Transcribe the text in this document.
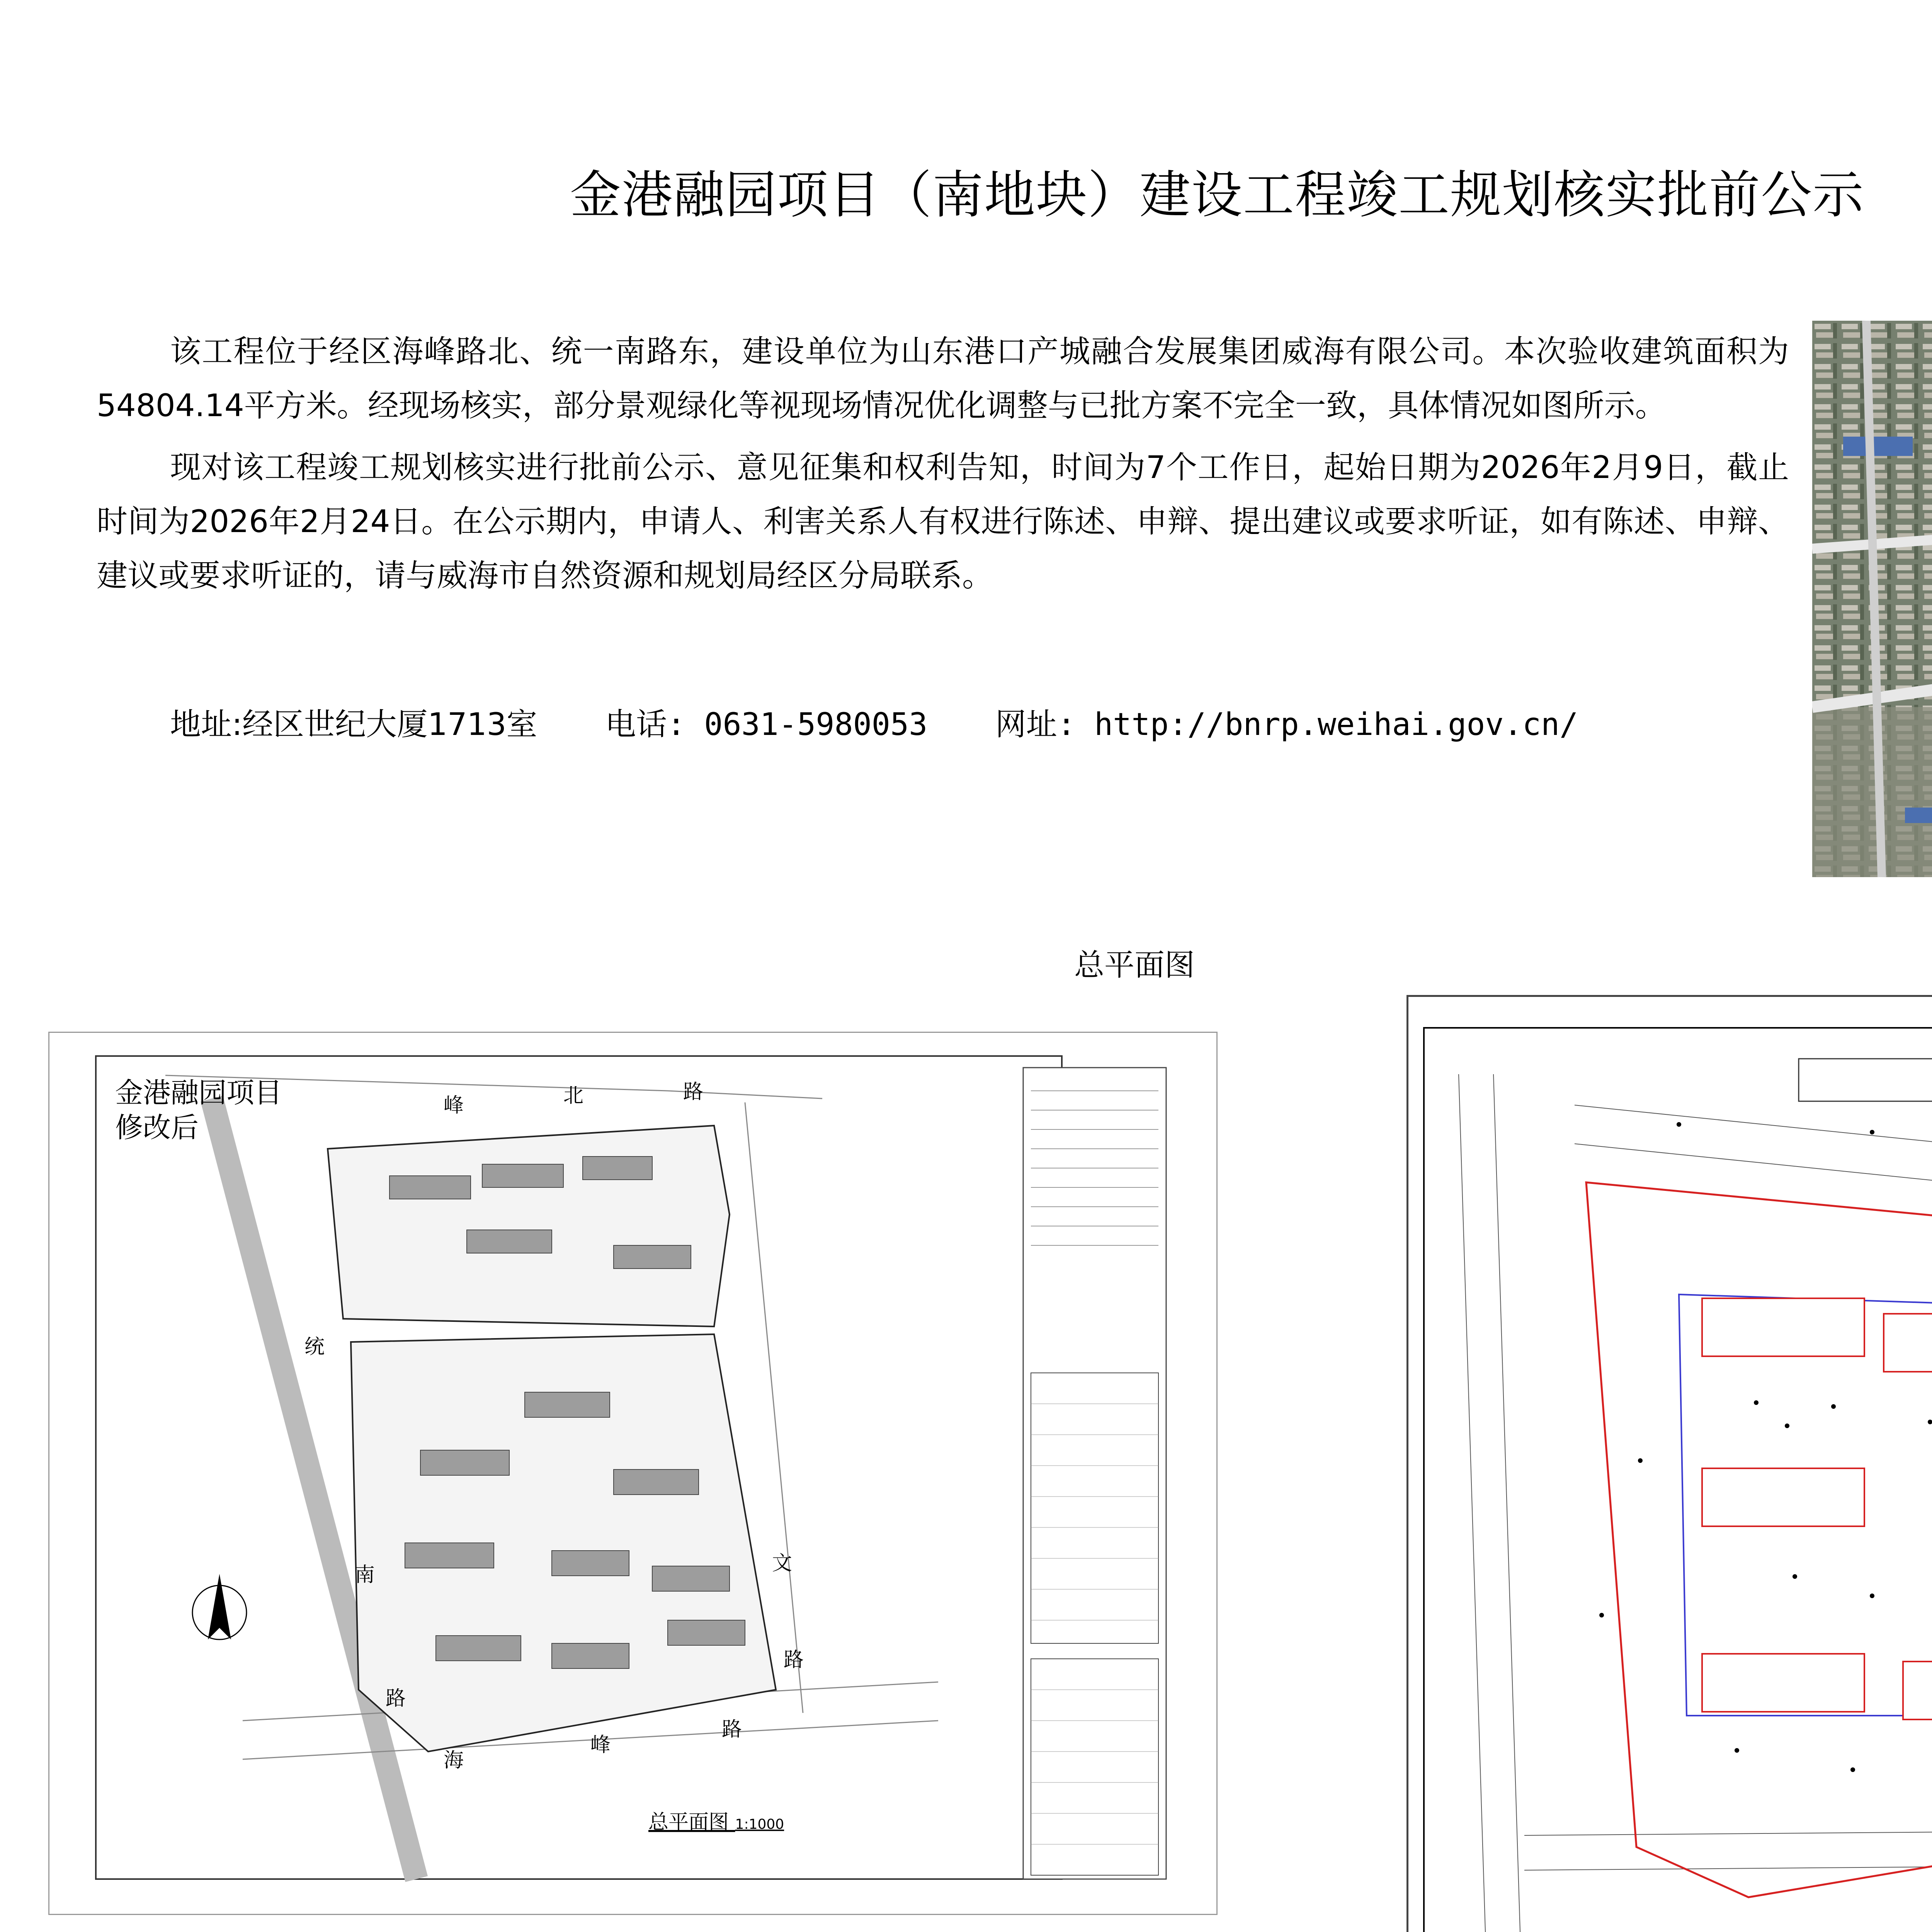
金港融园项目（南地块）建设工程竣工规划核实批前公示
总平面图

该工程位于经区海峰路北、统一南路东，建设单位为山东港口产城融合发展集团威海有限公司。本次验收建筑面积为54804.14平方米。经现场核实，部分景观绿化等视现场情况优化调整与已批方案不完全一致，具体情况如图所示。

现对该工程竣工规划核实进行批前公示、意见征集和权利告知，时间为7个工作日，起始日期为2026年2月9日，截止时间为2026年2月24日。在公示期内，申请人、利害关系人有权进行陈述、申辩、提出建议或要求听证，如有陈述、申辩、建议或要求听证的，请与威海市自然资源和规划局经区分局联系。

地址:经区世纪大厦1713室 电话: 0631-5980053 网址: http://bnrp.weihai.gov.cn/
金港融园项目
修改后
峰	北	路
统
南
路
海
峰
路
文
路
总平面图 1:1000
